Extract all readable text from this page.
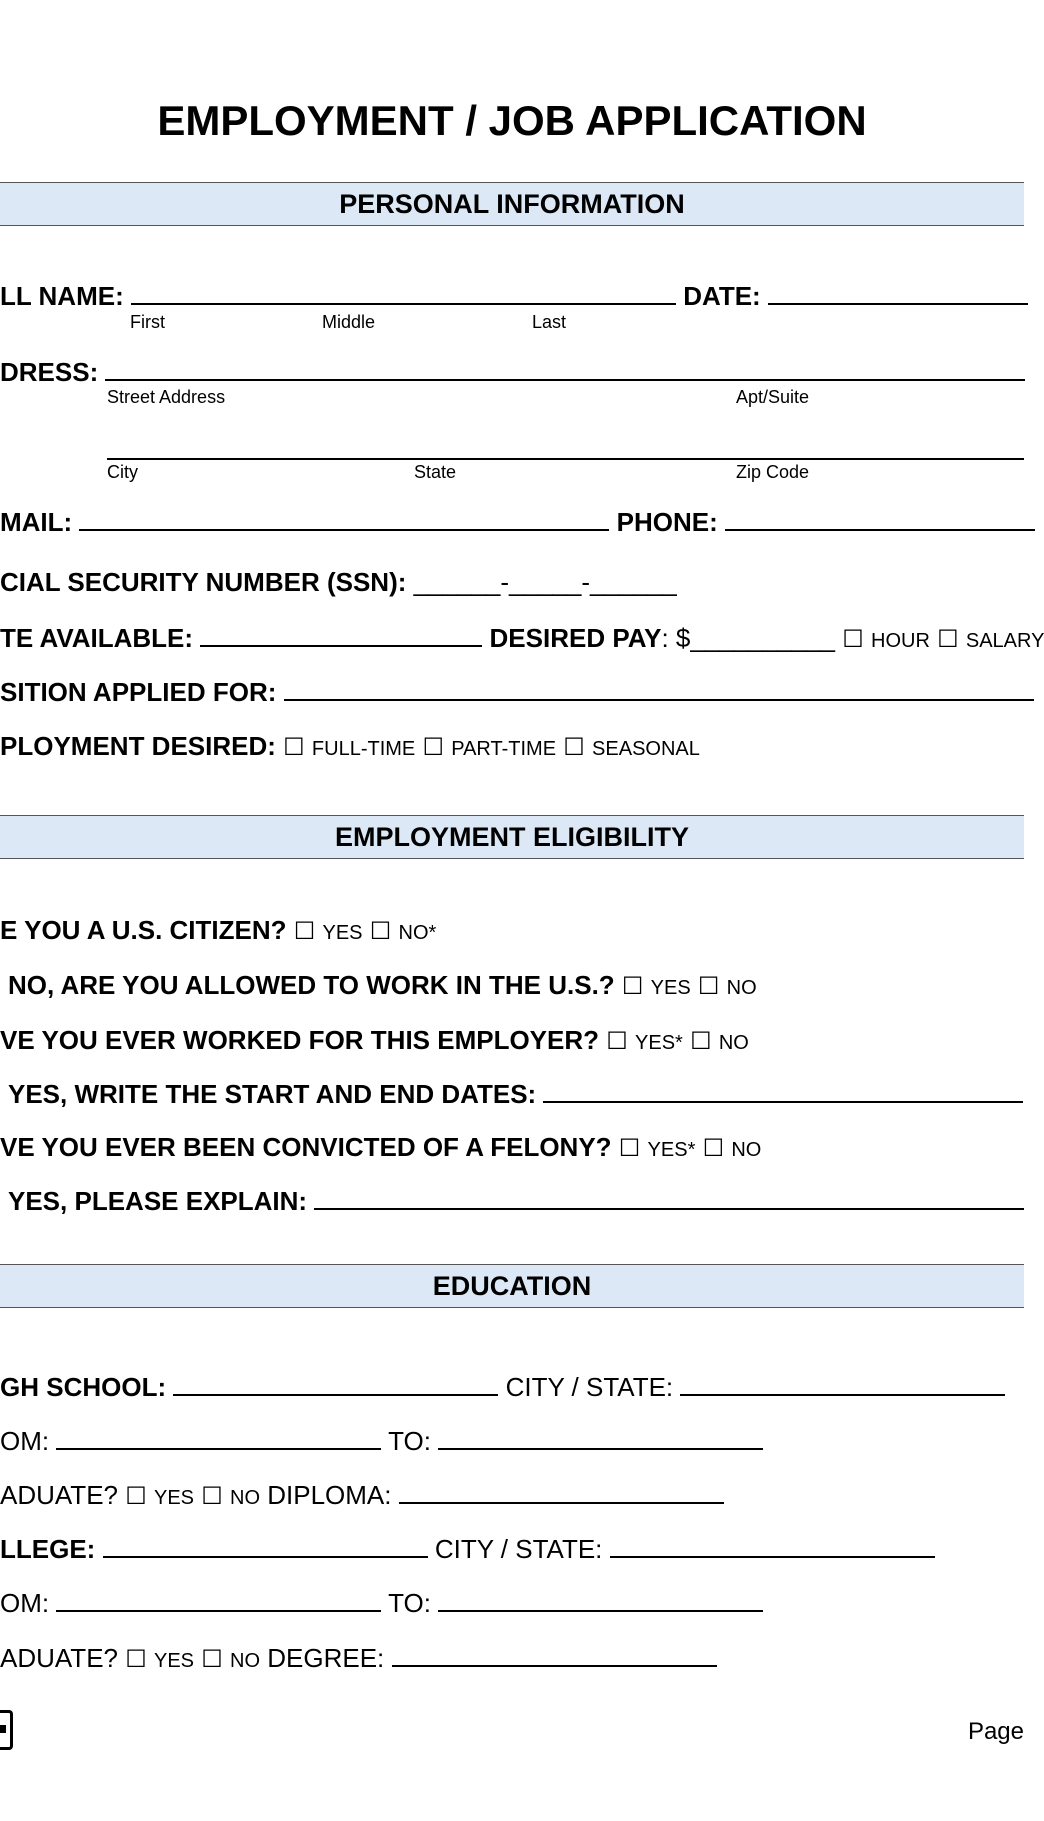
EMPLOYMENT / JOB APPLICATION
PERSONAL INFORMATION
LL NAME:	DATE:
First	Middle	Last
DRESS:
Street Address	Apt/Suite
City	State	Zip Code
MAIL:	PHONE:
CIAL SECURITY NUMBER (SSN): ______-_____-______
TE AVAILABLE:	DESIRED PAY: $__________ ☐ HOUR ☐ SALARY
SITION APPLIED FOR:
PLOYMENT DESIRED: ☐ FULL-TIME ☐ PART-TIME ☐ SEASONAL
EMPLOYMENT ELIGIBILITY
E YOU A U.S. CITIZEN? ☐ YES ☐ NO*
NO, ARE YOU ALLOWED TO WORK IN THE U.S.? ☐ YES ☐ NO
VE YOU EVER WORKED FOR THIS EMPLOYER? ☐ YES* ☐ NO
YES, WRITE THE START AND END DATES:
VE YOU EVER BEEN CONVICTED OF A FELONY? ☐ YES* ☐ NO
YES, PLEASE EXPLAIN:
EDUCATION
GH SCHOOL:	CITY / STATE:
OM:	TO:
ADUATE? ☐ YES ☐ NO DIPLOMA:
LLEGE:	CITY / STATE:
OM:	TO:
ADUATE? ☐ YES ☐ NO DEGREE:
Page
